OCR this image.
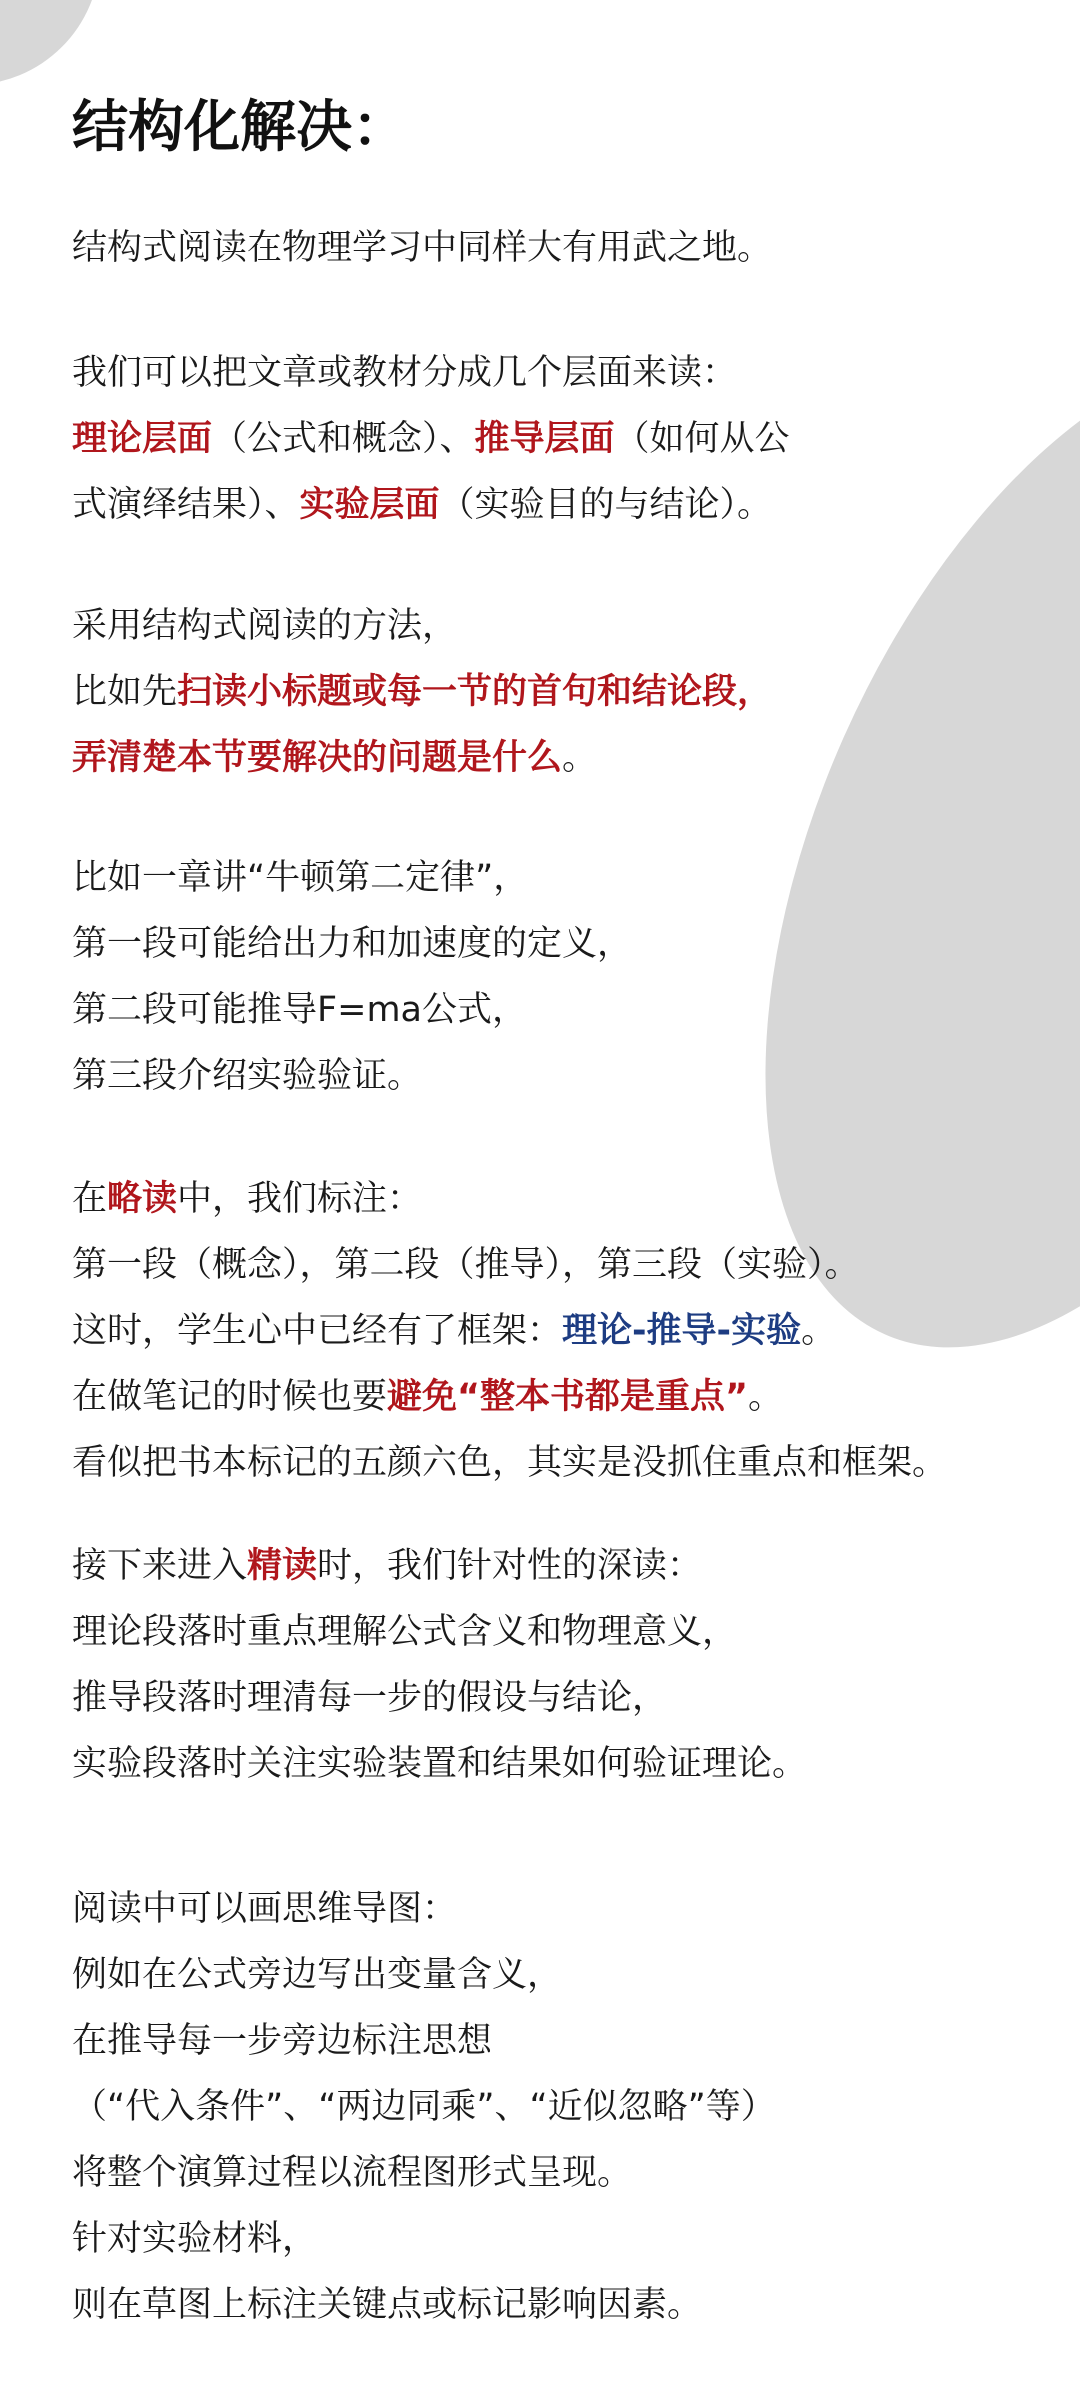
结构化解决：
结构式阅读在物理学习中同样大有用武之地。
我们可以把文章或教材分成几个层面来读：
理论层面（公式和概念）、推导层面（如何从公
式演绎结果）、实验层面（实验目的与结论）。
采用结构式阅读的方法，
比如先扫读小标题或每一节的首句和结论段，
弄清楚本节要解决的问题是什么。
比如一章讲“牛顿第二定律”，
第一段可能给出力和加速度的定义，
第二段可能推导F=ma公式，
第三段介绍实验验证。
在略读中，我们标注：
第一段（概念），第二段（推导），第三段（实验）。
这时，学生心中已经有了框架：理论-推导-实验。
在做笔记的时候也要避免“整本书都是重点”。
看似把书本标记的五颜六色，其实是没抓住重点和框架。
接下来进入精读时，我们针对性的深读：
理论段落时重点理解公式含义和物理意义，
推导段落时理清每一步的假设与结论，
实验段落时关注实验装置和结果如何验证理论。
阅读中可以画思维导图：
例如在公式旁边写出变量含义，
在推导每一步旁边标注思想
（“代入条件”、“两边同乘”、“近似忽略”等）
将整个演算过程以流程图形式呈现。
针对实验材料，
则在草图上标注关键点或标记影响因素。
